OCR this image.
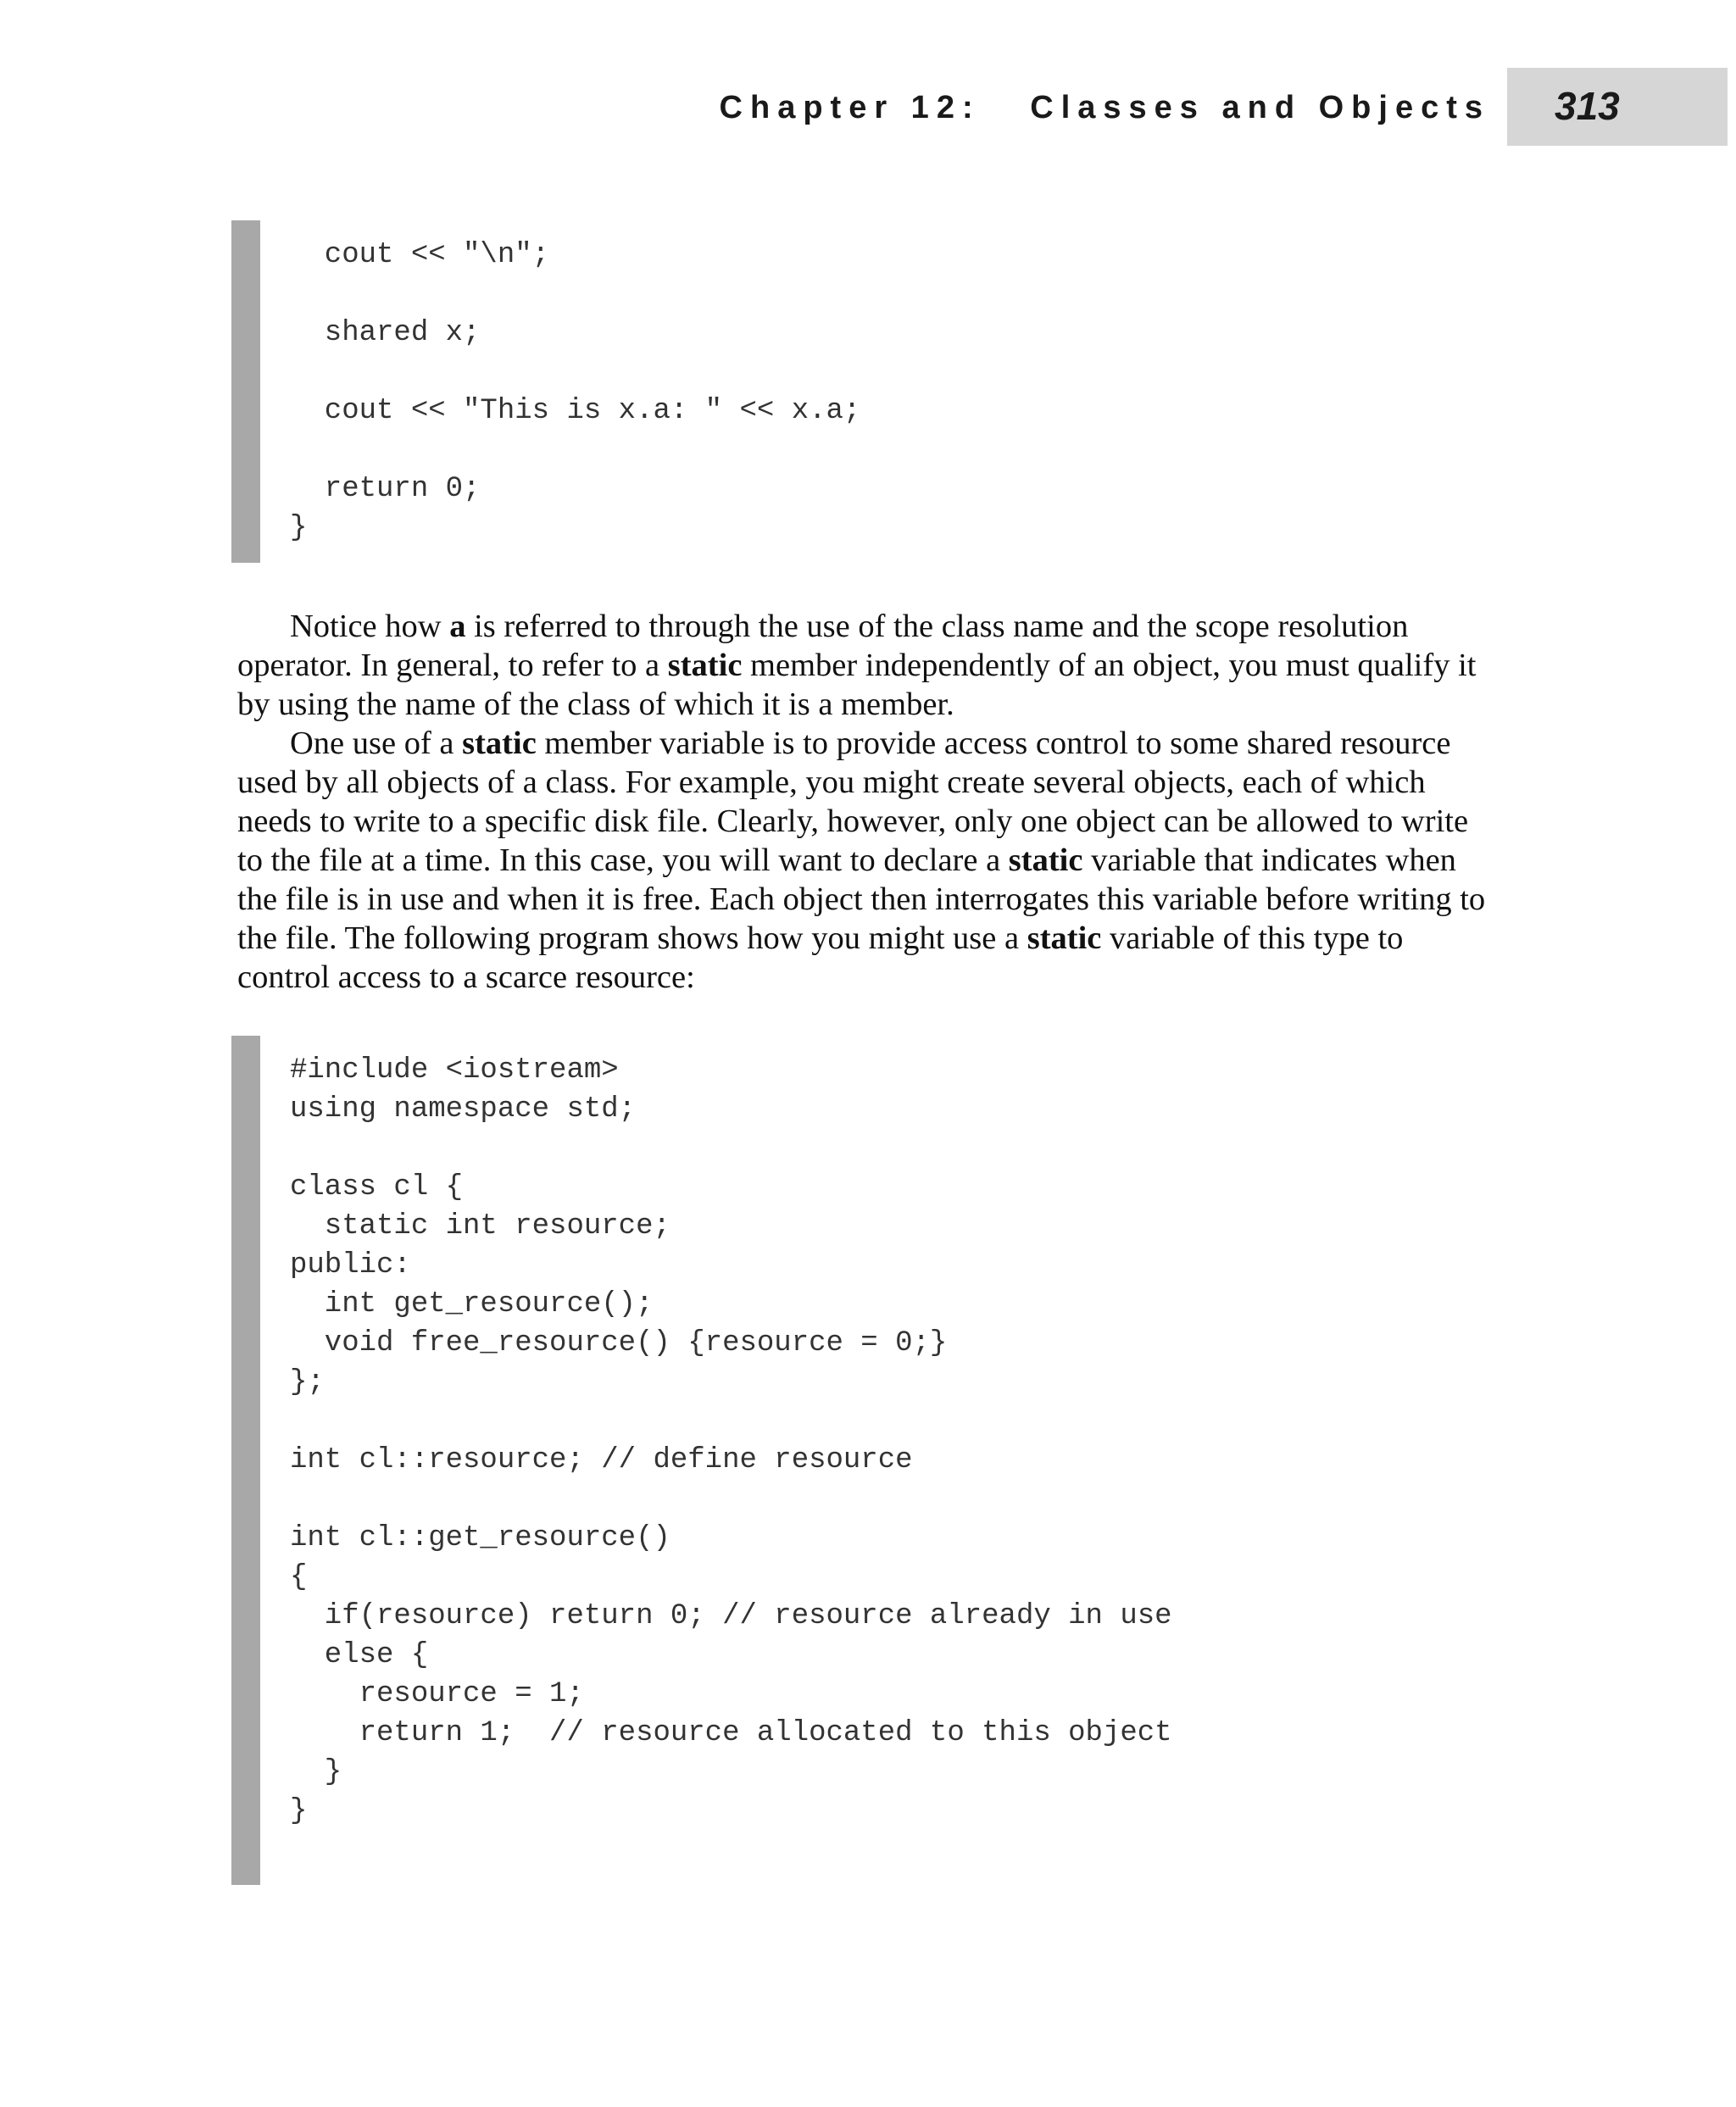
Chapter 12:   Classes and Objects 313
cout << "\n";
shared x;
cout << "This is x.a: " << x.a;
return 0;
}

Notice how a is referred to through the use of the class name and the scope resolution operator. In general, to refer to a static member independently of an object, you must qualify it by using the name of the class of which it is a member.

One use of a static member variable is to provide access control to some shared resource used by all objects of a class. For example, you might create several objects, each of which needs to write to a specific disk file. Clearly, however, only one object can be allowed to write to the file at a time. In this case, you will want to declare a static variable that indicates when the file is in use and when it is free. Each object then interrogates this variable before writing to the file. The following program shows how you might use a static variable of this type to control access to a scarce resource:

#include <iostream>
using namespace std;
class cl {
static int resource;
public:
int get_resource();
void free_resource() {resource = 0;}
};
int cl::resource; // define resource
int cl::get_resource()
{
if(resource) return 0; // resource already in use
else {
resource = 1;
return 1;  // resource allocated to this object
}
}
